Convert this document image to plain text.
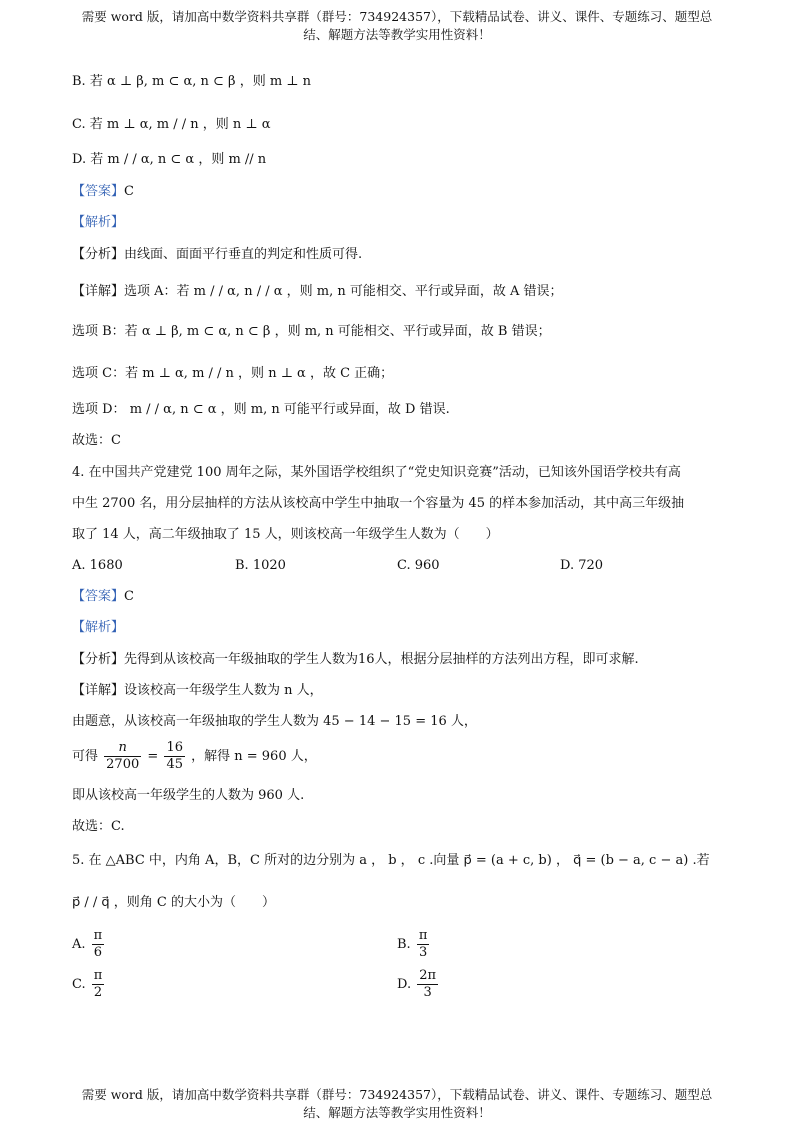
需要 word 版，请加高中数学资料共享群（群号：734924357），下载精品试卷、讲义、课件、专题练习、题型总
结、解题方法等教学实用性资料！
B. 若 α ⊥ β, m ⊂ α, n ⊂ β ，则 m ⊥ n
C. 若 m ⊥ α, m / / n ，则 n ⊥ α
D. 若 m / / α, n ⊂ α ，则 m // n
【答案】C
【解析】
【分析】由线面、面面平行垂直的判定和性质可得.
【详解】选项 A：若 m / / α, n / / α ，则 m, n 可能相交、平行或异面，故 A 错误；
选项 B：若 α ⊥ β, m ⊂ α, n ⊂ β ，则 m, n 可能相交、平行或异面，故 B 错误；
选项 C：若 m ⊥ α, m / / n ，则 n ⊥ α ，故 C 正确；
选项 D： m / / α, n ⊂ α ，则 m, n 可能平行或异面，故 D 错误.
故选：C
4. 在中国共产党建党 100 周年之际，某外国语学校组织了“党史知识竞赛”活动，已知该外国语学校共有高
中生 2700 名，用分层抽样的方法从该校高中学生中抽取一个容量为 45 的样本参加活动，其中高三年级抽
取了 14 人，高二年级抽取了 15 人，则该校高一年级学生人数为（　　）
A. 1680	B. 1020	C. 960	D. 720
【答案】C
【解析】
【分析】先得到从该校高一年级抽取的学生人数为16人，根据分层抽样的方法列出方程，即可求解.
【详解】设该校高一年级学生人数为 n 人，
由题意，从该校高一年级抽取的学生人数为 45 − 14 − 15 = 16 人，
可得 $\frac{n}{2700} = \frac{16}{45}$ ，解得 n = 960 人，
即从该校高一年级学生的人数为 960 人.
故选：C.
5. 在 △ABC 中，内角 A，B，C 所对的边分别为 a ， b ， c .向量 p⃗ = (a + c, b) ， q⃗ = (b − a, c − a) .若
p⃗ / / q⃗ ，则角 C 的大小为（　　）
A. $\frac{\pi}{6}$	B. $\frac{\pi}{3}$
C. $\frac{\pi}{2}$	D. $\frac{2\pi}{3}$
需要 word 版，请加高中数学资料共享群（群号：734924357），下载精品试卷、讲义、课件、专题练习、题型总
结、解题方法等教学实用性资料！
